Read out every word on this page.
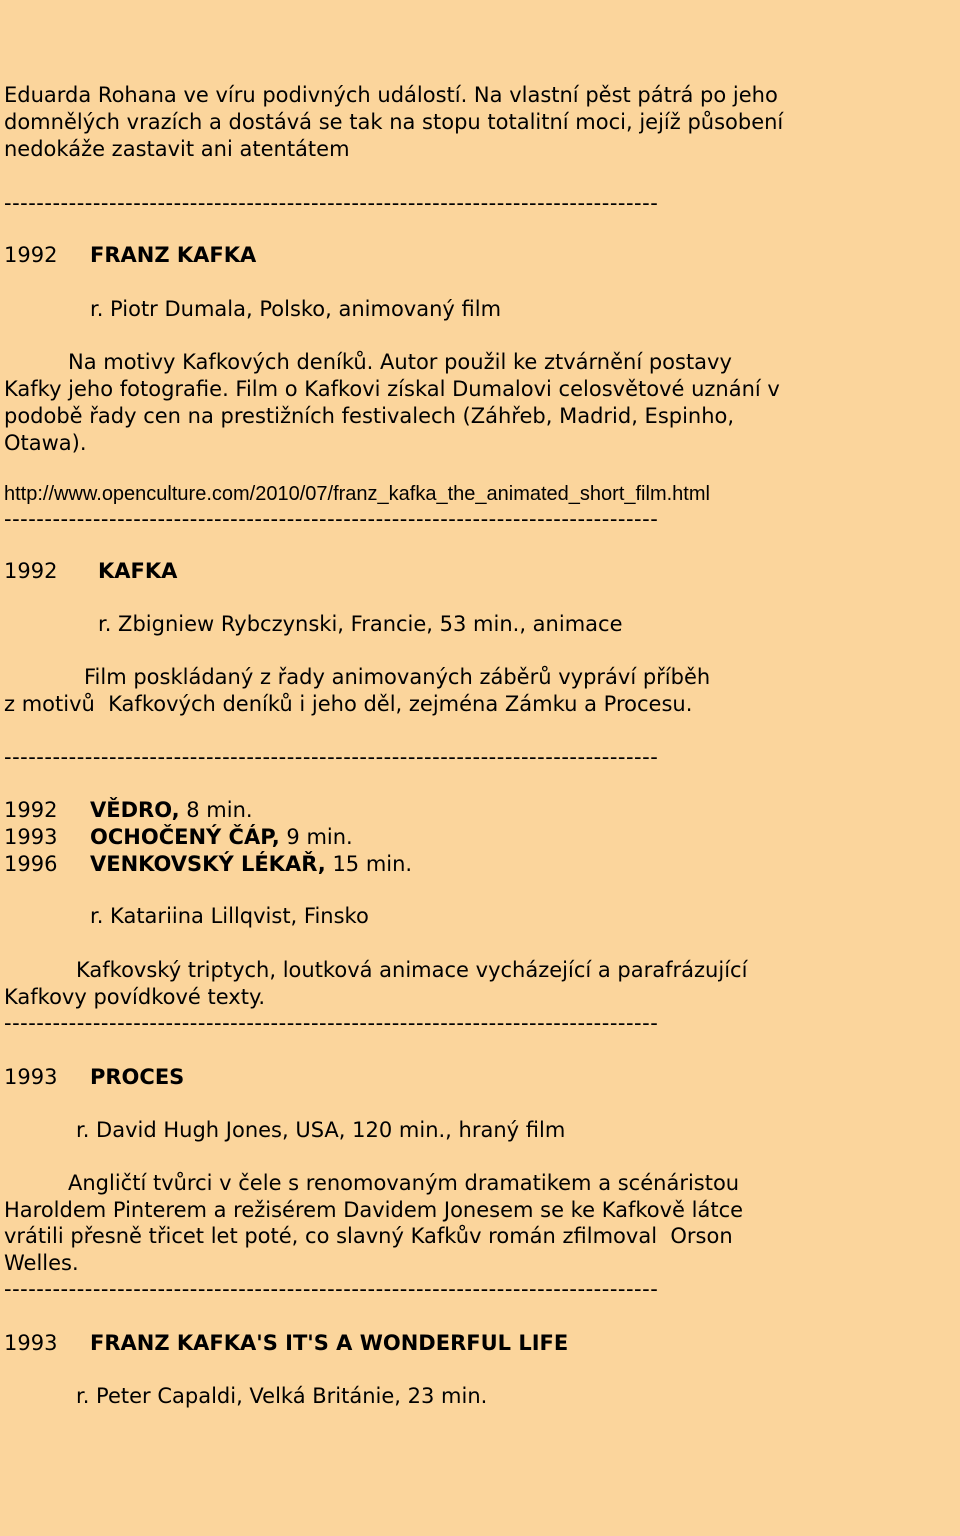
Eduarda Rohana ve víru podivných událostí. Na vlastní pěst pátrá po jeho
domnělých vrazích a dostává se tak na stopu totalitní moci, jejíž působení
nedokáže zastavit ani atentátem
---------------------------------------------------------------------------------
1992 FRANZ KAFKA
r. Piotr Dumala, Polsko, animovaný film
Na motivy Kafkových deníků. Autor použil ke ztvárnění postavy
Kafky jeho fotografie. Film o Kafkovi získal Dumalovi celosvětové uznání v
podobě řady cen na prestižních festivalech (Záhřeb, Madrid, Espinho,
Otawa).
http://www.openculture.com/2010/07/franz_kafka_the_animated_short_film.html
---------------------------------------------------------------------------------
1992 KAFKA
r. Zbigniew Rybczynski, Francie, 53 min., animace
Film poskládaný z řady animovaných záběrů vypráví příběh
z motivů  Kafkových deníků i jeho děl, zejména Zámku a Procesu.
---------------------------------------------------------------------------------
1992 VĚDRO, 8 min.
1993 OCHOČENÝ ČÁP, 9 min.
1996 VENKOVSKÝ LÉKAŘ, 15 min.
r. Katariina Lillqvist, Finsko
Kafkovský triptych, loutková animace vycházející a parafrázující
Kafkovy povídkové texty.
---------------------------------------------------------------------------------
1993 PROCES
r. David Hugh Jones, USA, 120 min., hraný film
Angličtí tvůrci v čele s renomovaným dramatikem a scénáristou
Haroldem Pinterem a režisérem Davidem Jonesem se ke Kafkově látce
vrátili přesně třicet let poté, co slavný Kafkův román zfilmoval  Orson
Welles.
---------------------------------------------------------------------------------
1993 FRANZ KAFKA'S IT'S A WONDERFUL LIFE
r. Peter Capaldi, Velká Británie, 23 min.
